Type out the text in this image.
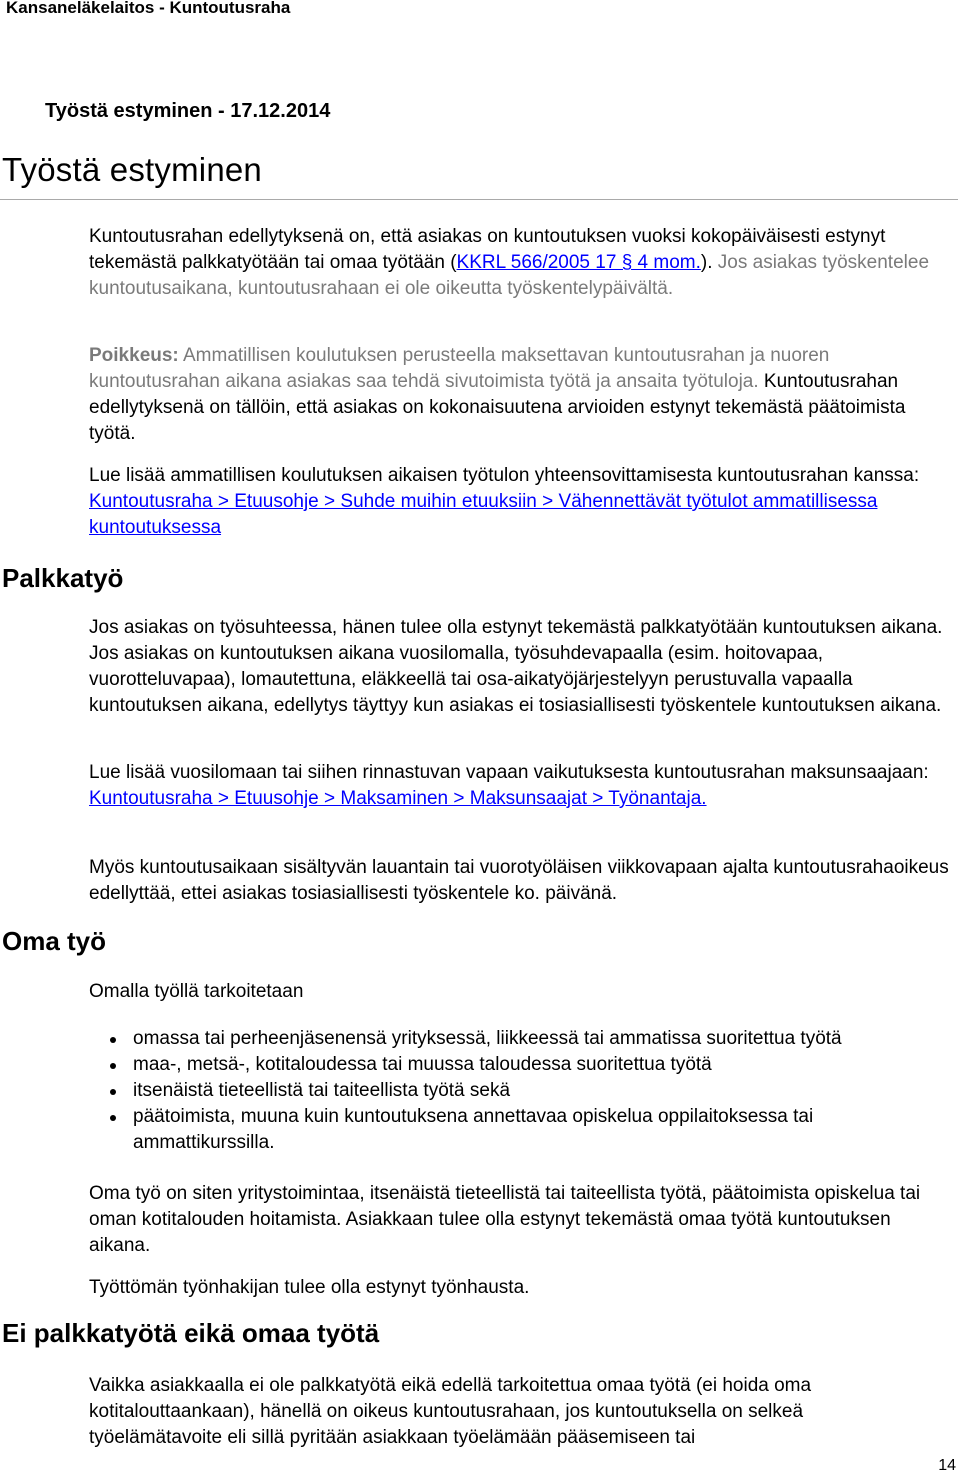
Kansaneläkelaitos - Kuntoutusraha
Työstä estyminen - 17.12.2014
Työstä estyminen

Kuntoutusrahan edellytyksenä on, että asiakas on kuntoutuksen vuoksi kokopäiväisesti estynyt tekemästä palkkatyötään tai omaa työtään (KKRL 566/2005 17 § 4 mom.). Jos asiakas työskentelee kuntoutusaikana, kuntoutusrahaan ei ole oikeutta työskentelypäivältä.

Poikkeus: Ammatillisen koulutuksen perusteella maksettavan kuntoutusrahan ja nuoren kuntoutusrahan aikana asiakas saa tehdä sivutoimista työtä ja ansaita työtuloja. Kuntoutusrahan edellytyksenä on tällöin, että asiakas on kokonaisuutena arvioiden estynyt tekemästä päätoimista työtä.

Lue lisää ammatillisen koulutuksen aikaisen työtulon yhteensovittamisesta kuntoutusrahan kanssa: Kuntoutusraha > Etuusohje > Suhde muihin etuuksiin > Vähennettävät työtulot ammatillisessa kuntoutuksessa

Palkkatyö
Jos asiakas on työsuhteessa, hänen tulee olla estynyt tekemästä palkkatyötään kuntoutuksen aikana. Jos asiakas on kuntoutuksen aikana vuosilomalla, työsuhdevapaalla (esim. hoitovapaa, vuorotteluvapaa), lomautettuna, eläkkeellä tai osa-aikatyöjärjestelyyn perustuvalla vapaalla kuntoutuksen aikana, edellytys täyttyy kun asiakas ei tosiasiallisesti työskentele kuntoutuksen aikana.

Lue lisää vuosilomaan tai siihen rinnastuvan vapaan vaikutuksesta kuntoutusrahan maksunsaajaan: Kuntoutusraha > Etuusohje > Maksaminen > Maksunsaajat > Työnantaja.

Myös kuntoutusaikaan sisältyvän lauantain tai vuorotyöläisen viikkovapaan ajalta kuntoutusrahaoikeus edellyttää, ettei asiakas tosiasiallisesti työskentele ko. päivänä.
Oma työ
Omalla työllä tarkoitetaan
omassa tai perheenjäsenensä yrityksessä, liikkeessä tai ammatissa suoritettua työtä
maa-, metsä-, kotitaloudessa tai muussa taloudessa suoritettua työtä
itsenäistä tieteellistä tai taiteellista työtä sekä
päätoimista, muuna kuin kuntoutuksena annettavaa opiskelua oppilaitoksessa tai ammattikurssilla.
Oma työ on siten yritystoimintaa, itsenäistä tieteellistä tai taiteellista työtä, päätoimista opiskelua tai oman kotitalouden hoitamista. Asiakkaan tulee olla estynyt tekemästä omaa työtä kuntoutuksen aikana.
Työttömän työnhakijan tulee olla estynyt työnhausta.
Ei palkkatyötä eikä omaa työtä
Vaikka asiakkaalla ei ole palkkatyötä eikä edellä tarkoitettua omaa työtä (ei hoida oma kotitalouttaankaan), hänellä on oikeus kuntoutusrahaan, jos kuntoutuksella on selkeä työelämätavoite eli sillä pyritään asiakkaan työelämään pääsemiseen tai
14
